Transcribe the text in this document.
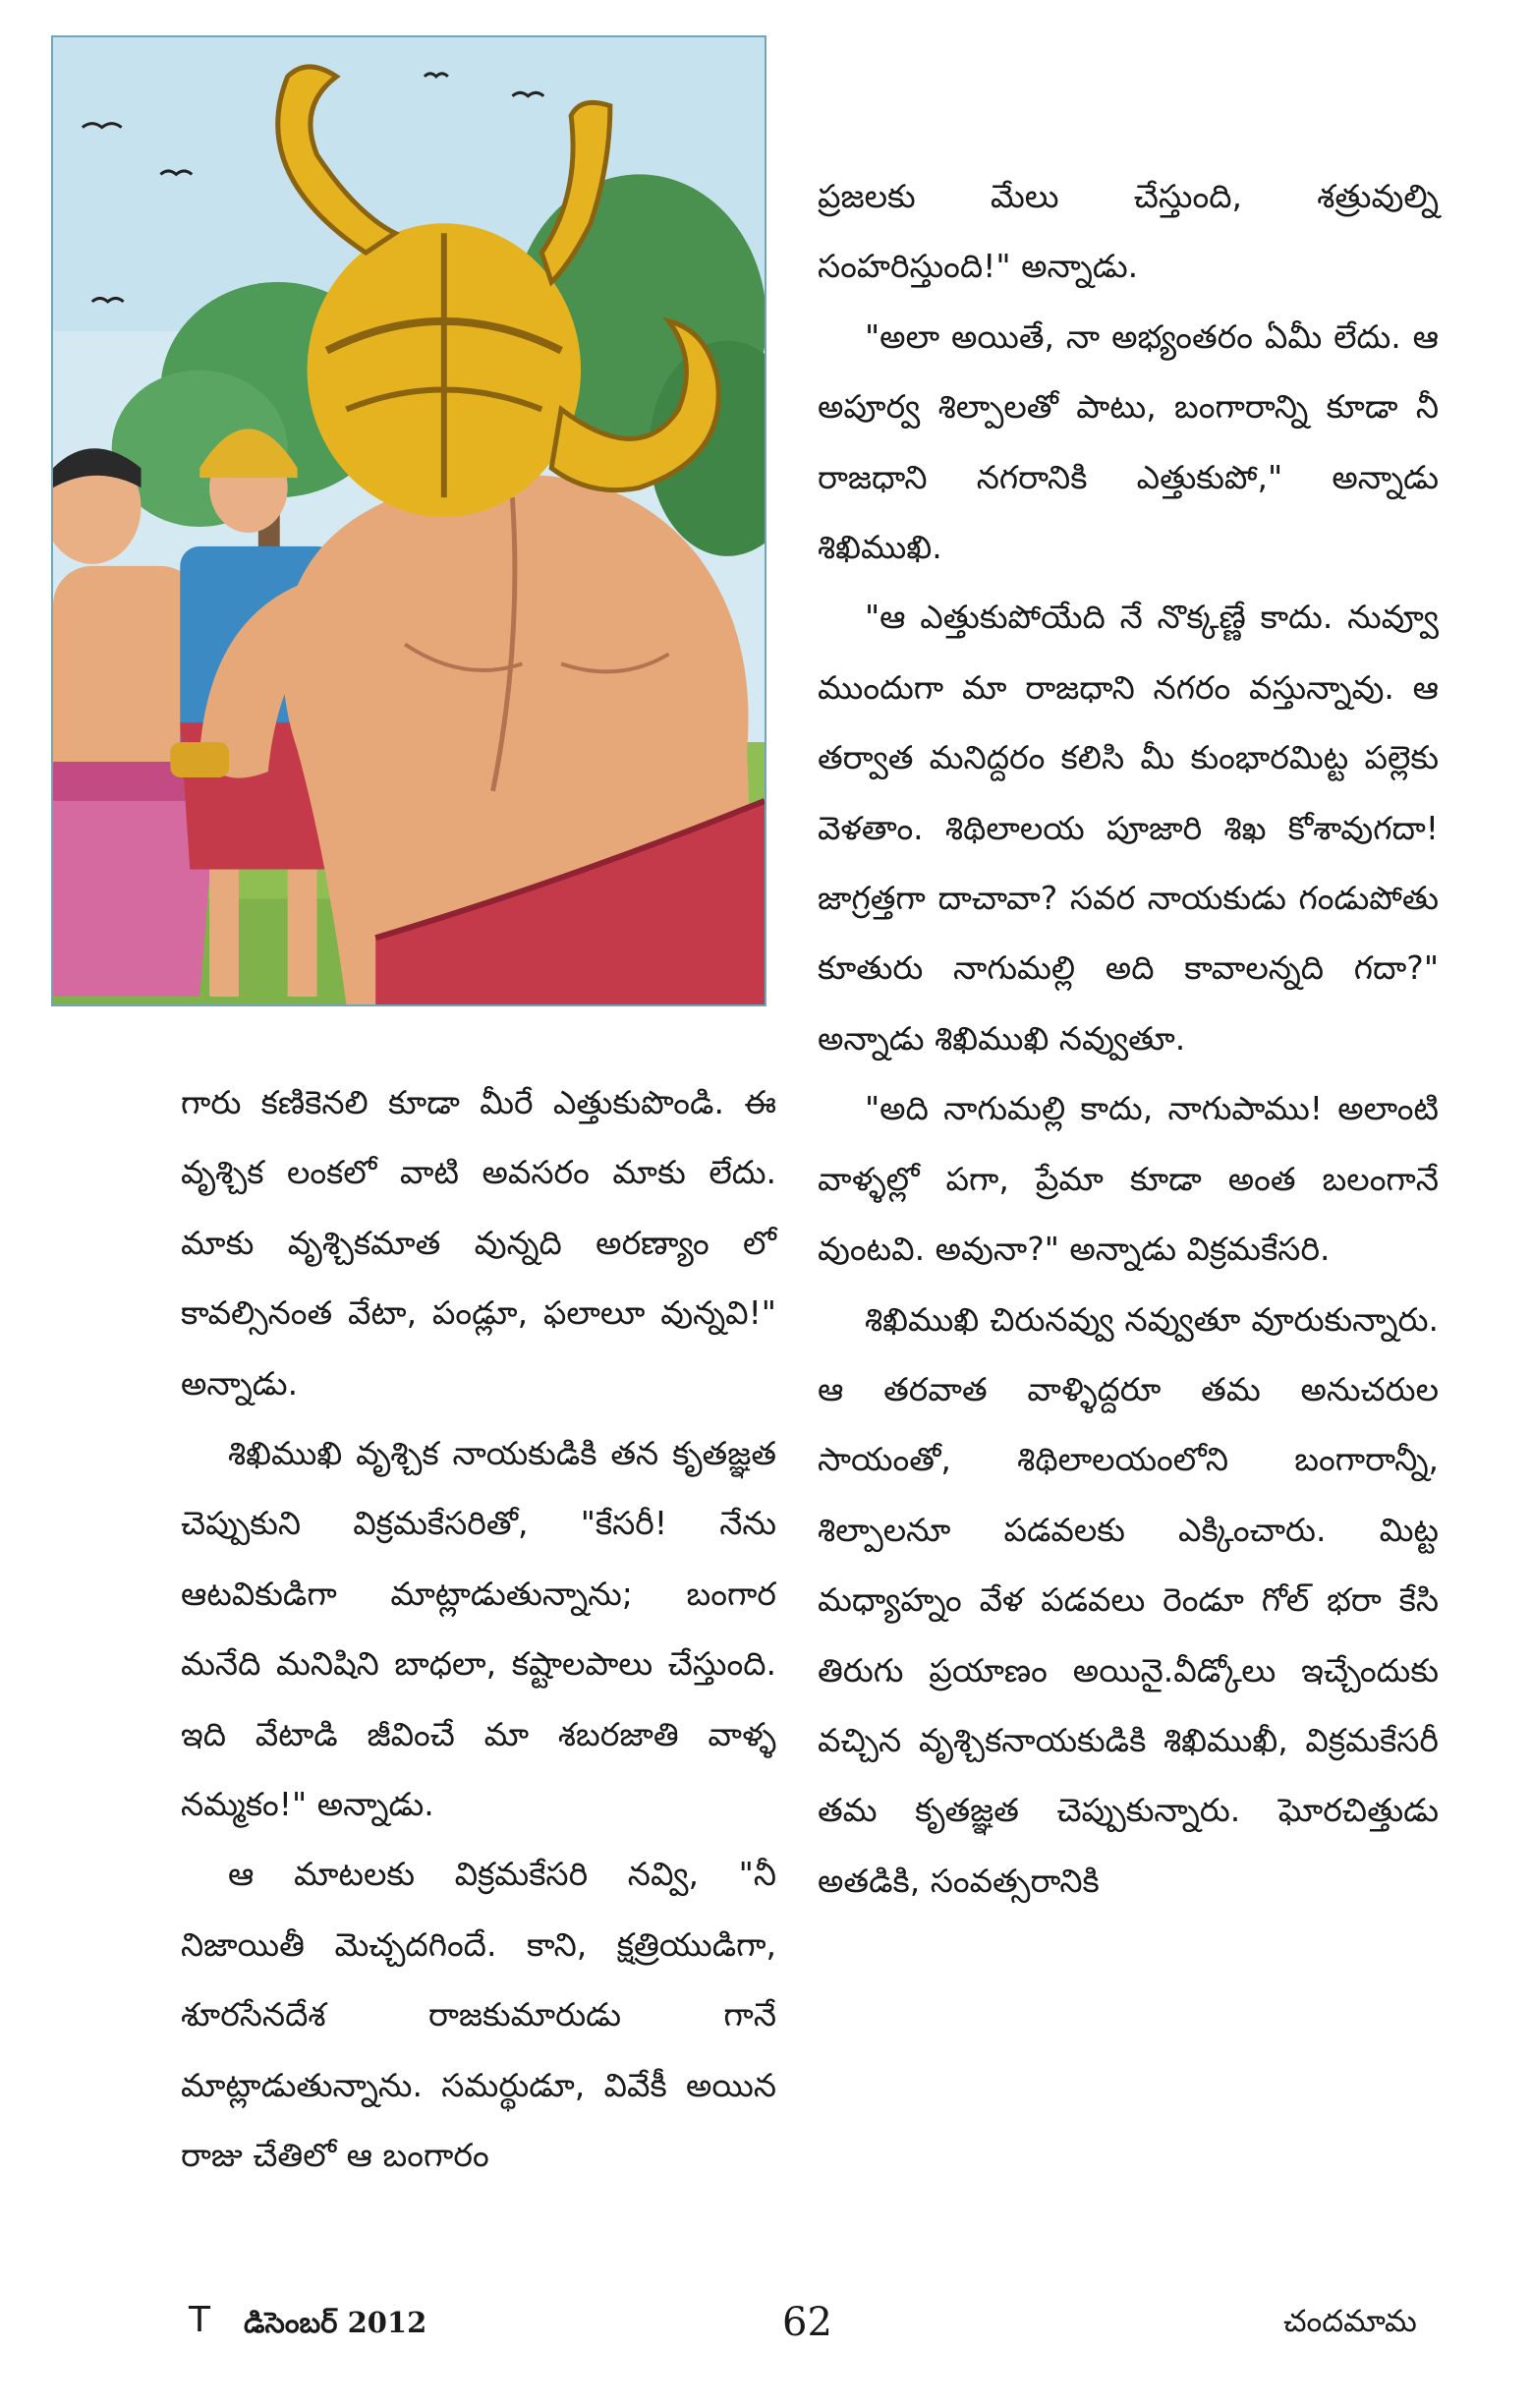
ప్రజలకు మేలు చేస్తుంది, శత్రువుల్ని సంహరిస్తుంది!" అన్నాడు.

"అలా అయితే, నా అభ్యంతరం ఏమీ లేదు. ఆ అపూర్వ శిల్పాలతో పాటు, బంగారాన్ని కూడా నీ రాజధాని నగరానికి ఎత్తుకుపో," అన్నాడు శిఖిముఖి.

"ఆ ఎత్తుకుపోయేది నే నొక్కణ్ణే కాదు. నువ్వూ ముందుగా మా రాజధాని నగరం వస్తున్నావు. ఆ తర్వాత మనిద్దరం కలిసి మీ కుంభారమిట్ట పల్లెకు వెళతాం. శిథిలాలయ పూజారి శిఖ కోశావుగదా! జాగ్రత్తగా దాచావా? సవర నాయకుడు గండుపోతు కూతురు నాగుమల్లి అది కావాలన్నది గదా?" అన్నాడు శిఖిముఖి నవ్వుతూ.

"అది నాగుమల్లి కాదు, నాగుపాము! అలాంటి వాళ్ళల్లో పగా, ప్రేమా కూడా అంత బలంగానే వుంటవి. అవునా?" అన్నాడు విక్రమకేసరి.

శిఖిముఖి చిరునవ్వు నవ్వుతూ వూరుకున్నారు. ఆ తరవాత వాళ్ళిద్దరూ తమ అనుచరుల సాయంతో, శిథిలాలయంలోని బంగారాన్నీ, శిల్పాలనూ పడవలకు ఎక్కించారు. మిట్ట మధ్యాహ్నం వేళ పడవలు రెండూ గోల్ భరా కేసి తిరుగు ప్రయాణం అయినై.వీడ్కోలు ఇచ్చేందుకు వచ్చిన వృశ్చికనాయకుడికి శిఖిముఖీ, విక్రమకేసరీ తమ కృతజ్ఞత చెప్పుకున్నారు. ఘోరచిత్తుడు అతడికి, సంవత్సరానికి

గారు కణికెనలి కూడా మీరే ఎత్తుకుపొండి. ఈ వృశ్చిక లంకలో వాటి అవసరం మాకు లేదు. మాకు వృశ్చికమాత వున్నది అరణ్యాం లో కావల్సినంత వేటా, పండ్లూ, ఫలాలూ వున్నవి!" అన్నాడు.

శిఖిముఖి వృశ్చిక నాయకుడికి తన కృతజ్ఞత చెప్పుకుని విక్రమకేసరితో, "కేసరీ! నేను ఆటవికుడిగా మాట్లాడుతున్నాను; బంగార మనేది మనిషిని బాధలా, కష్టాలపాలు చేస్తుంది. ఇది వేటాడి జీవించే మా శబరజాతి వాళ్ళ నమ్మకం!" అన్నాడు.

ఆ మాటలకు విక్రమకేసరి నవ్వి, "నీ నిజాయితీ మెచ్చదగిందే. కాని, క్షత్రియుడిగా, శూరసేనదేశ రాజకుమారుడు గానే మాట్లాడుతున్నాను. సమర్థుడూ, వివేకీ అయిన రాజు చేతిలో ఆ బంగారం

T డిసెంబర్ 2012	62	చందమామ
